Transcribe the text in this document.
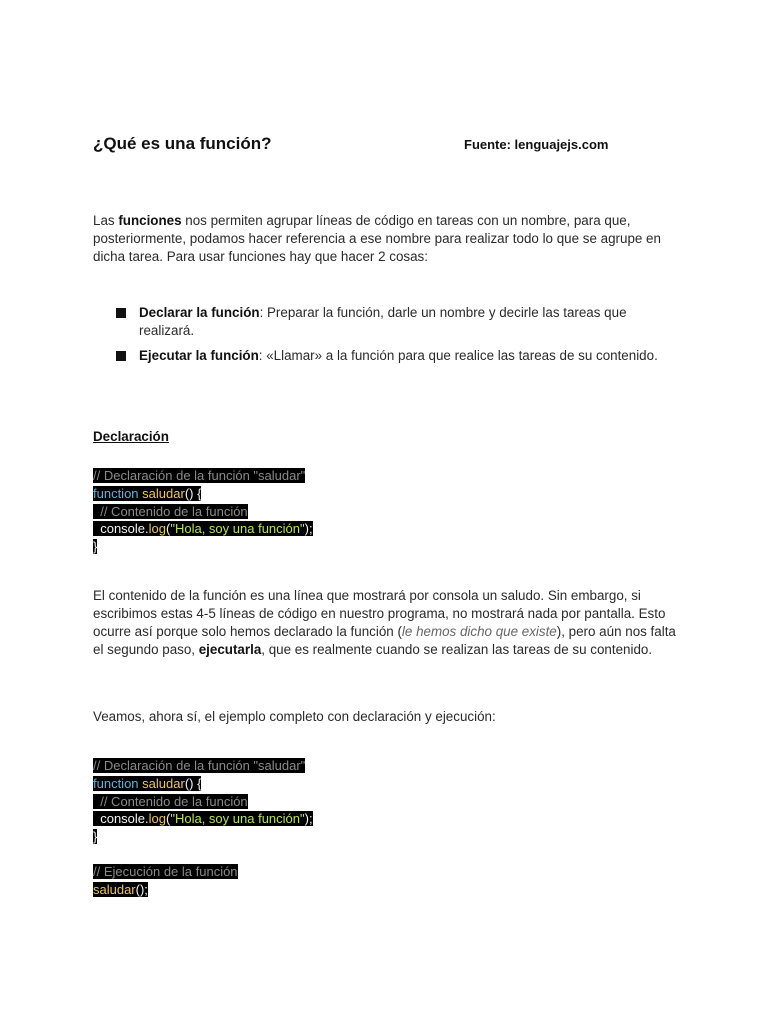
¿Qué es una función?	Fuente: lenguajejs.com

Las funciones nos permiten agrupar líneas de código en tareas con un nombre, para que, posteriormente, podamos hacer referencia a ese nombre para realizar todo lo que se agrupe en dicha tarea. Para usar funciones hay que hacer 2 cosas:

Declarar la función: Preparar la función, darle un nombre y decirle las tareas que realizará.
Ejecutar la función: «Llamar» a la función para que realice las tareas de su contenido.
Declaración
// Declaración de la función "saludar"
function saludar() {
// Contenido de la función
console.log("Hola, soy una función");
}

El contenido de la función es una línea que mostrará por consola un saludo. Sin embargo, si escribimos estas 4-5 líneas de código en nuestro programa, no mostrará nada por pantalla. Esto ocurre así porque solo hemos declarado la función (le hemos dicho que existe), pero aún nos falta el segundo paso, ejecutarla, que es realmente cuando se realizan las tareas de su contenido.

Veamos, ahora sí, el ejemplo completo con declaración y ejecución:

// Declaración de la función "saludar"
function saludar() {
// Contenido de la función
console.log("Hola, soy una función");
}
// Ejecución de la función
saludar();
